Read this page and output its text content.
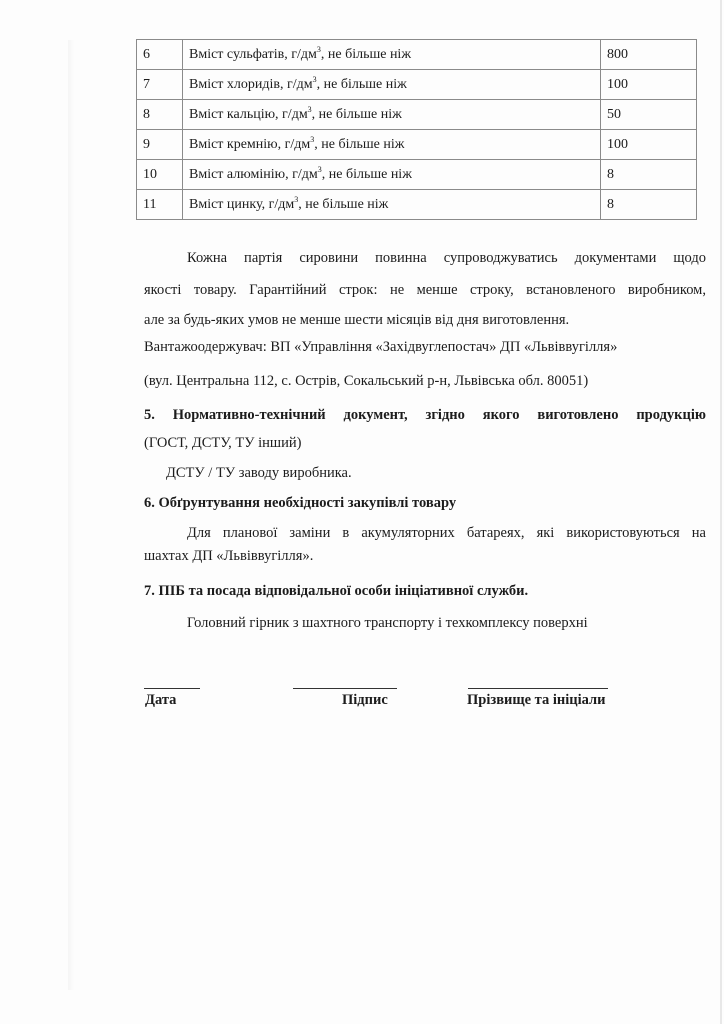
6	Вміст сульфатів, $г/дм^3$, не більше ніж	800
7	Вміст хлоридів, $г/дм^3$, не більше ніж	100
8	Вміст кальцію, $г/дм^3$, не більше ніж	50
9	Вміст кремнію, $г/дм^3$, не більше ніж	100
10	Вміст алюмінію, $г/дм^3$, не більше ніж	8
11	Вміст цинку, $г/дм^3$, не більше ніж	8
Кожна партія сировини повинна супроводжуватись документами щодо
якості товару. Гарантійний строк: не менше строку, встановленого виробником,
але за будь-яких умов не менше шести місяців від дня виготовлення.
Вантажоодержувач: ВП «Управління «Західвуглепостач» ДП «Львіввугілля»
(вул. Центральна 112, с. Острів, Сокальський р-н, Львівська обл. 80051)
5. Нормативно-технічний документ, згідно якого виготовлено продукцію
(ГОСТ, ДСТУ, ТУ інший)
ДСТУ / ТУ заводу виробника.
6. Обґрунтування необхідності закупівлі товару
Для планової заміни в акумуляторних батареях, які використовуються на
шахтах ДП «Львіввугілля».
7. ПІБ та посада відповідальної особи ініціативної служби.
Головний гірник з шахтного транспорту і техкомплексу поверхні
Дата	Підпис	Прізвище та ініціали
